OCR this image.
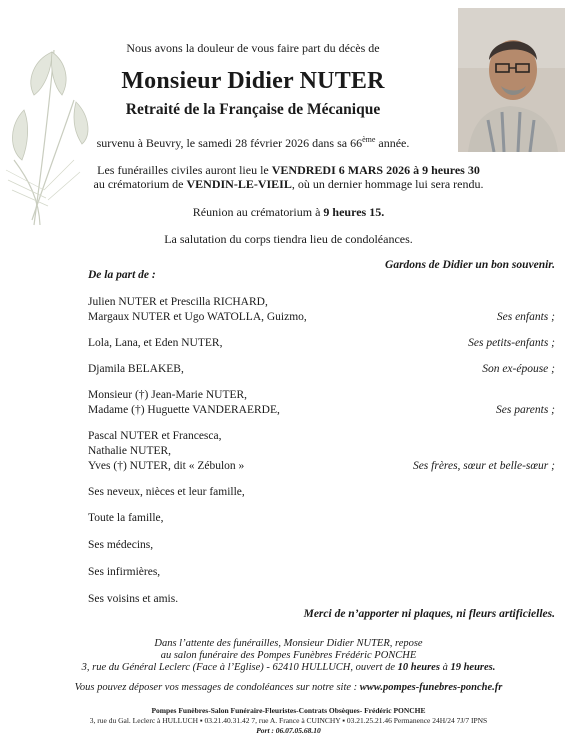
Nous avons la douleur de vous faire part du décès de
Monsieur Didier NUTER
Retraité de la Française de Mécanique
survenu à Beuvry, le samedi 28 février 2026 dans sa 66ème année.
Les funérailles civiles auront lieu le VENDREDI 6 MARS 2026 à 9 heures 30
au crématorium de VENDIN-LE-VIEIL, où un dernier hommage lui sera rendu.
Réunion au crématorium à 9 heures 15.
La salutation du corps tiendra lieu de condoléances.
Gardons de Didier un bon souvenir.
De la part de :
Julien NUTER et Prescilla RICHARD,
Margaux NUTER et Ugo WATOLLA, Guizmo,	Ses enfants ;
Lola, Lana, et Eden NUTER,	Ses petits-enfants ;
Djamila BELAKEB,	Son ex-épouse ;
Monsieur (†) Jean-Marie NUTER,
Madame (†) Huguette VANDERAERDE,	Ses parents ;
Pascal NUTER et Francesca,
Nathalie NUTER,
Yves (†) NUTER, dit « Zébulon »	Ses frères, sœur et belle-sœur ;
Ses neveux, nièces et leur famille,
Toute la famille,
Ses médecins,
Ses infirmières,
Ses voisins et amis.
Merci de n’apporter ni plaques, ni fleurs artificielles.
Dans l’attente des funérailles, Monsieur Didier NUTER, repose
au salon funéraire des Pompes Funèbres Frédéric PONCHE
3, rue du Général Leclerc (Face à l’Eglise) - 62410 HULLUCH, ouvert de 10 heures à 19 heures.
Vous pouvez déposer vos messages de condoléances sur notre site : www.pompes-funebres-ponche.fr
Pompes Funèbres-Salon Funéraire-Fleuristes-Contrats Obsèques- Frédéric PONCHE
3, rue du Gal. Leclerc à HULLUCH ▪ 03.21.40.31.42 7, rue A. France à CUINCHY ▪ 03.21.25.21.46 Permanence 24H/24 7J/7 IPNS
Port : 06.07.05.68.10
